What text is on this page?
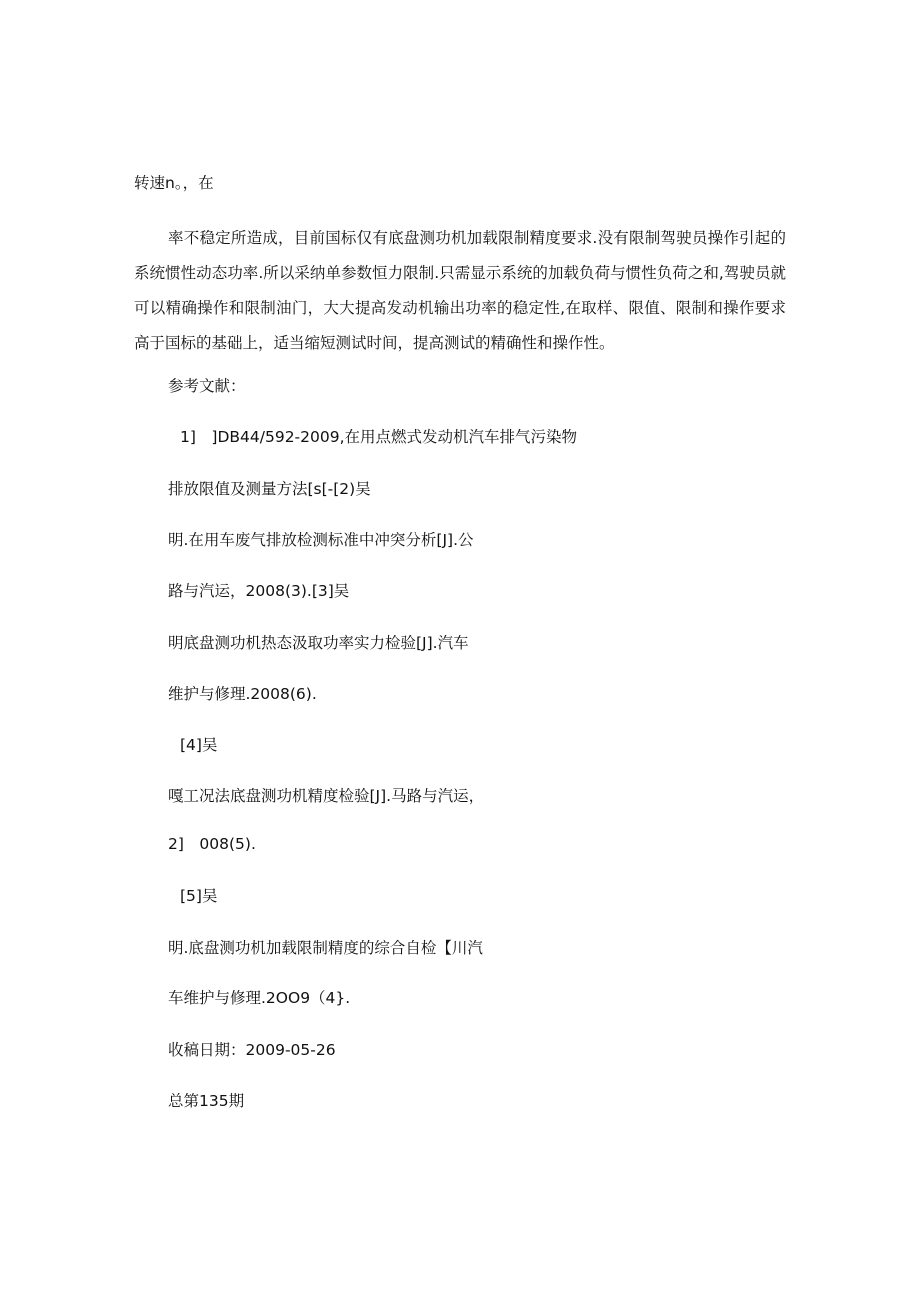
转速n。，在

率不稳定所造成，目前国标仅有底盘测功机加载限制精度要求.没有限制驾驶员操作引起的系统惯性动态功率.所以采纳单参数恒力限制.只需显示系统的加载负荷与惯性负荷之和,驾驶员就可以精确操作和限制油门，大大提高发动机输出功率的稳定性,在取样、限值、限制和操作要求高于国标的基础上，适当缩短测试时间，提高测试的精确性和操作性。

参考文献：

1]　]DB44/592-2009,在用点燃式发动机汽车排气污染物

排放限值及测量方法[s[-[2)吴

明.在用车废气排放检测标准中冲突分析[J].公

路与汽运，2008(3).[3]吴

明底盘测功机热态汲取功率实力检验[J].汽车

维护与修理.2008(6).

[4]吴

嘎工况法底盘测功机精度检验[J].马路与汽运，

2]　008(5).

[5]吴

明.底盘测功机加载限制精度的综合自检【川汽

车维护与修理.2OO9（4}.

收稿日期：2009-05-26

总第135期
